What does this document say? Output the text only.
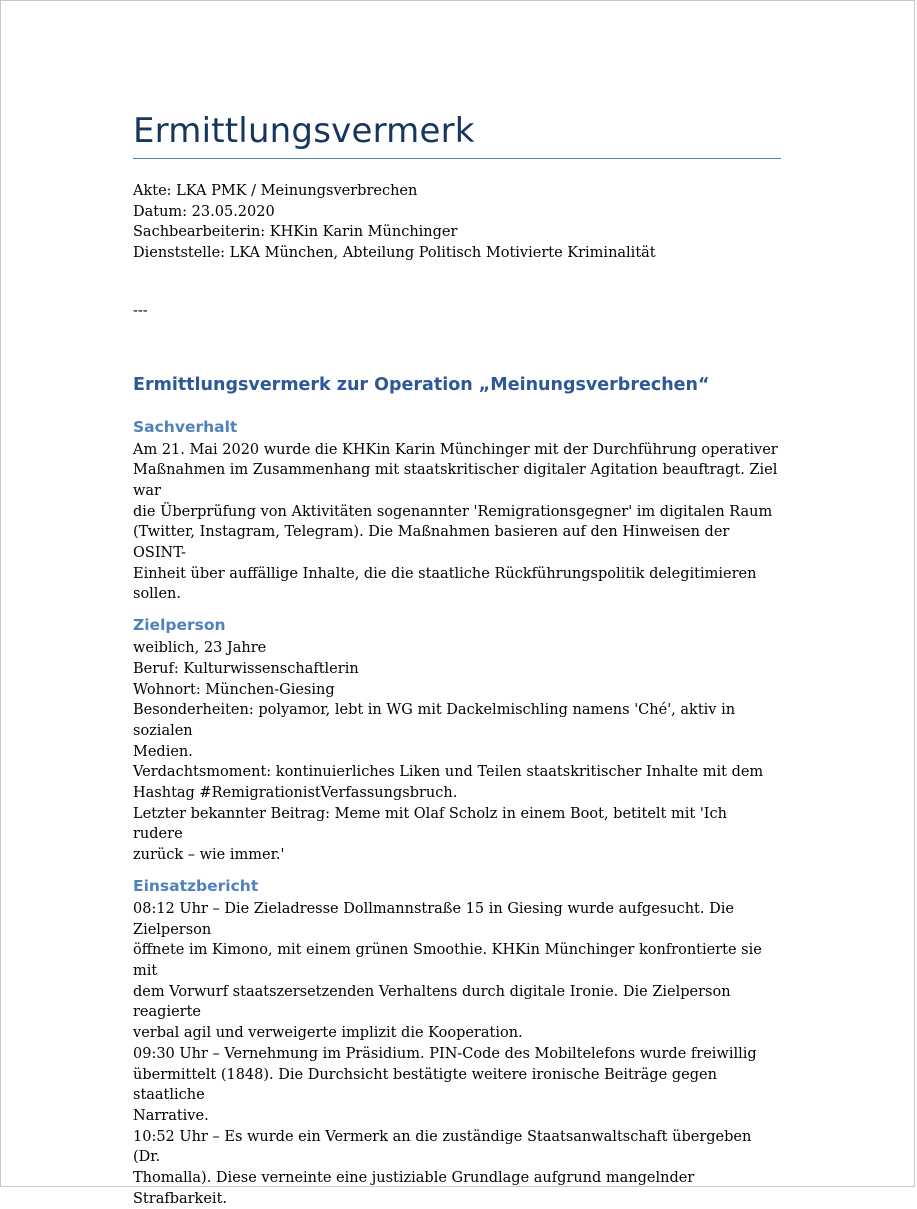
Ermittlungsvermerk

Akte: LKA PMK / Meinungsverbrechen

Datum: 23.05.2020

Sachbearbeiterin: KHKin Karin Münchinger

Dienststelle: LKA München, Abteilung Politisch Motivierte Kriminalität

---

Ermittlungsvermerk zur Operation „Meinungsverbrechen“
Sachverhalt

Am 21. Mai 2020 wurde die KHKin Karin Münchinger mit der Durchführung operativer

Maßnahmen im Zusammenhang mit staatskritischer digitaler Agitation beauftragt. Ziel war

die Überprüfung von Aktivitäten sogenannter 'Remigrationsgegner' im digitalen Raum

(Twitter, Instagram, Telegram). Die Maßnahmen basieren auf den Hinweisen der OSINT-

Einheit über auffällige Inhalte, die die staatliche Rückführungspolitik delegitimieren sollen.

Zielperson

weiblich, 23 Jahre

Beruf: Kulturwissenschaftlerin

Wohnort: München-Giesing

Besonderheiten: polyamor, lebt in WG mit Dackelmischling namens 'Ché', aktiv in sozialen

Medien.

Verdachtsmoment: kontinuierliches Liken und Teilen staatskritischer Inhalte mit dem

Hashtag #RemigrationistVerfassungsbruch.

Letzter bekannter Beitrag: Meme mit Olaf Scholz in einem Boot, betitelt mit 'Ich rudere

zurück – wie immer.'

Einsatzbericht

08:12 Uhr – Die Zieladresse Dollmannstraße 15 in Giesing wurde aufgesucht. Die Zielperson

öffnete im Kimono, mit einem grünen Smoothie. KHKin Münchinger konfrontierte sie mit

dem Vorwurf staatszersetzenden Verhaltens durch digitale Ironie. Die Zielperson reagierte

verbal agil und verweigerte implizit die Kooperation.

09:30 Uhr – Vernehmung im Präsidium. PIN-Code des Mobiltelefons wurde freiwillig

übermittelt (1848). Die Durchsicht bestätigte weitere ironische Beiträge gegen staatliche

Narrative.

10:52 Uhr – Es wurde ein Vermerk an die zuständige Staatsanwaltschaft übergeben (Dr.

Thomalla). Diese verneinte eine justiziable Grundlage aufgrund mangelnder Strafbarkeit.
